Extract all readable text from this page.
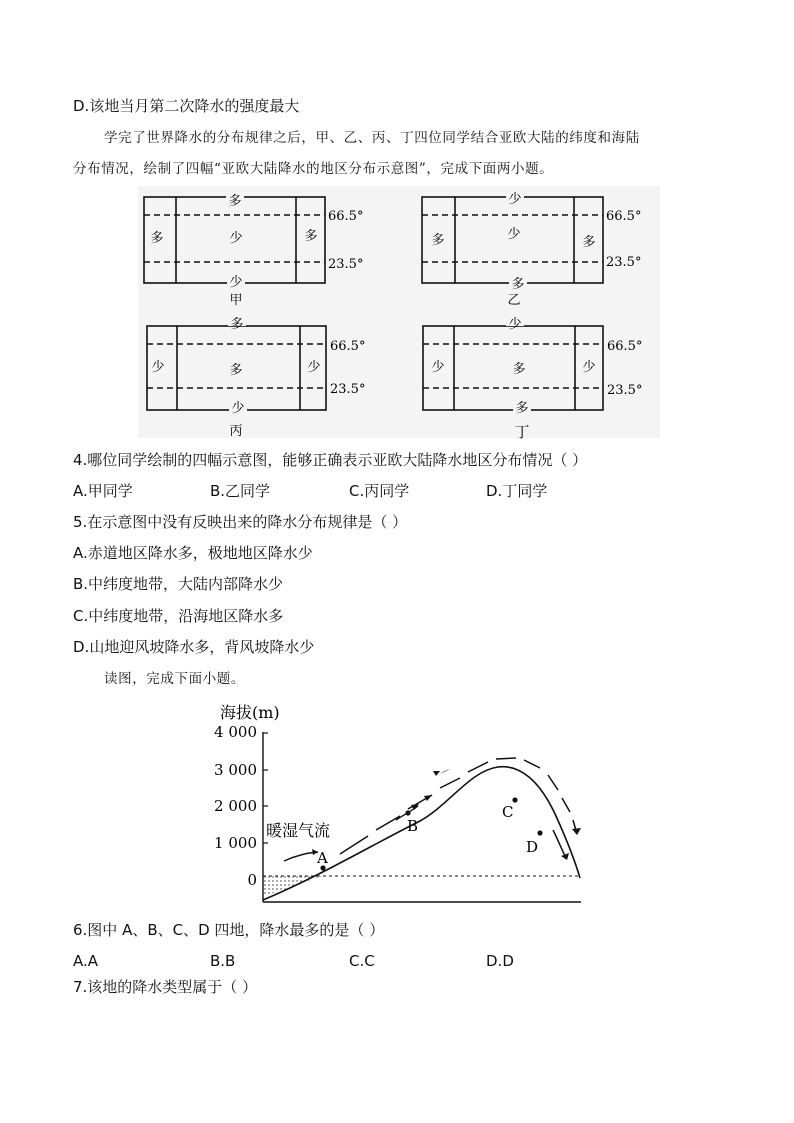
D.该地当月第二次降水的强度最大
学完了世界降水的分布规律之后，甲、乙、丙、丁四位同学结合亚欧大陆的纬度和海陆
分布情况，绘制了四幅“亚欧大陆降水的地区分布示意图”，完成下面两小题。
多
多	少	多
少
66.5°
23.5°
甲
少
多	少
多
多
66.5°
23.5°
乙
多
少	多	少
少
66.5°
23.5°
丙
少
少	多	少
多
66.5°
23.5°
丁
4.哪位同学绘制的四幅示意图，能够正确表示亚欧大陆降水地区分布情况（ ）
A.甲同学	B.乙同学	C.丙同学	D.丁同学
5.在示意图中没有反映出来的降水分布规律是（ ）
A.赤道地区降水多，极地地区降水少
B.中纬度地带，大陆内部降水少
C.中纬度地带，沿海地区降水多
D.山地迎风坡降水多，背风坡降水少
读图，完成下面小题。
海拔(m)
4 000
3 000
2 000
1 000
0
暖湿气流
A
B
C
D
6.图中 A、B、C、D 四地，降水最多的是（ ）
A.A	B.B	C.C	D.D
7.该地的降水类型属于（ ）
